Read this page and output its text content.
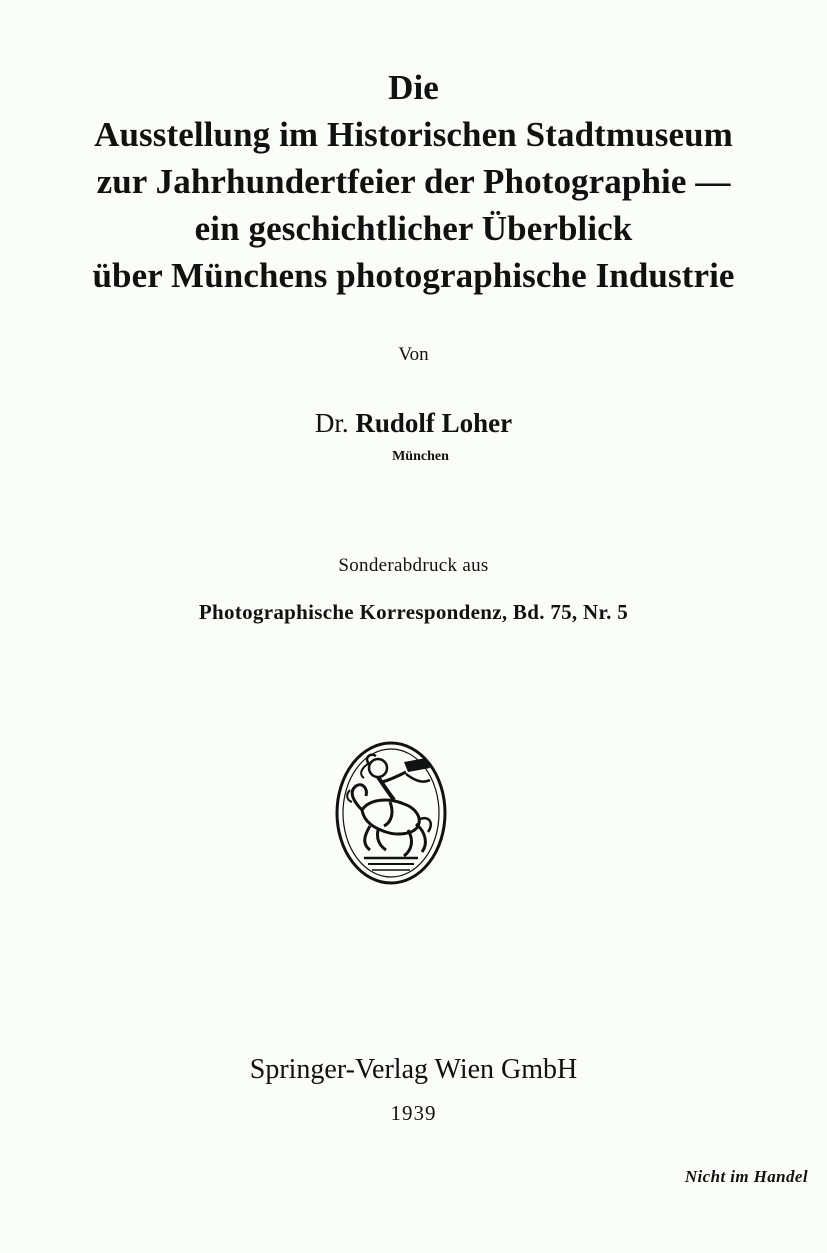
Die
Ausstellung im Historischen Stadtmuseum
zur Jahrhundertfeier der Photographie —
ein geschichtlicher Überblick
über Münchens photographische Industrie
Von
Dr. Rudolf Loher
München
Sonderabdruck aus
Photographische Korrespondenz, Bd. 75, Nr. 5
Springer-Verlag Wien GmbH
1939
Nicht im Handel
